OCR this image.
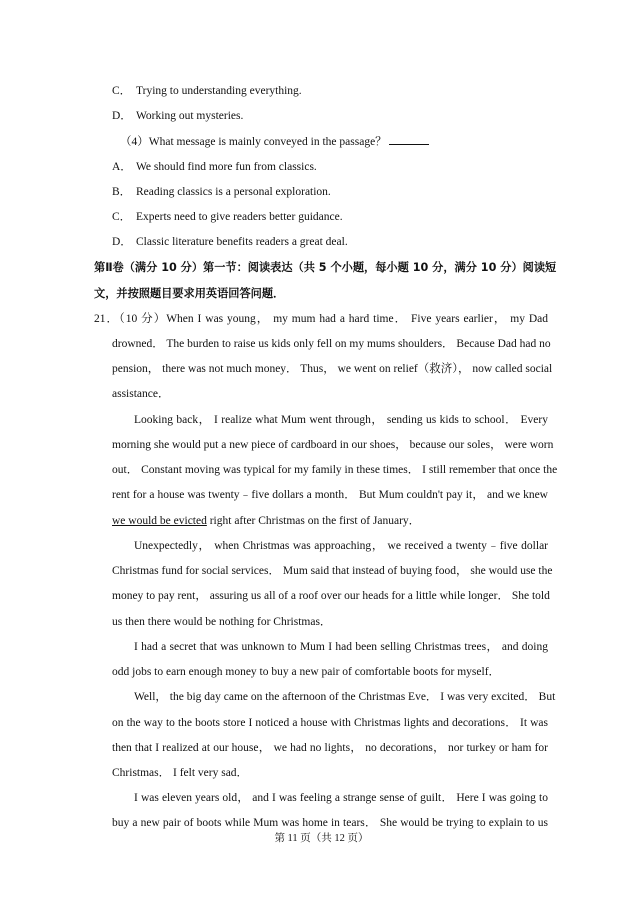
C． Trying to understanding everything.
D． Working out mysteries.
（4）What message is mainly conveyed in the passage？
A． We should find more fun from classics.
B． Reading classics is a personal exploration.
C． Experts need to give readers better guidance.
D． Classic literature benefits readers a great deal.
第Ⅱ卷（满分 10 分）第一节：阅读表达（共 5 个小题，每小题 10 分，满分 10 分）阅读短
文，并按照题目要求用英语回答问题．
21．（10 分）When I was young， my mum had a hard time． Five years earlier， my Dad
drowned． The burden to raise us kids only fell on my mums shoulders． Because Dad had no
pension， there was not much money． Thus， we went on relief（救济）， now called social
assistance．
Looking back， I realize what Mum went through， sending us kids to school． Every
morning she would put a new piece of cardboard in our shoes， because our soles， were worn
out． Constant moving was typical for my family in these times． I still remember that once the
rent for a house was twenty﹣five dollars a month． But Mum couldn't pay it， and we knew
we would be evicted right after Christmas on the first of January．
Unexpectedly， when Christmas was approaching， we received a twenty﹣five dollar
Christmas fund for social services． Mum said that instead of buying food， she would use the
money to pay rent， assuring us all of a roof over our heads for a little while longer． She told
us then there would be nothing for Christmas．
I had a secret that was unknown to Mum I had been selling Christmas trees， and doing
odd jobs to earn enough money to buy a new pair of comfortable boots for myself．
Well， the big day came on the afternoon of the Christmas Eve． I was very excited． But
on the way to the boots store I noticed a house with Christmas lights and decorations． It was
then that I realized at our house， we had no lights， no decorations， nor turkey or ham for
Christmas． I felt very sad．
I was eleven years old， and I was feeling a strange sense of guilt． Here I was going to
buy a new pair of boots while Mum was home in tears． She would be trying to explain to us
第 11 页（共 12 页）
